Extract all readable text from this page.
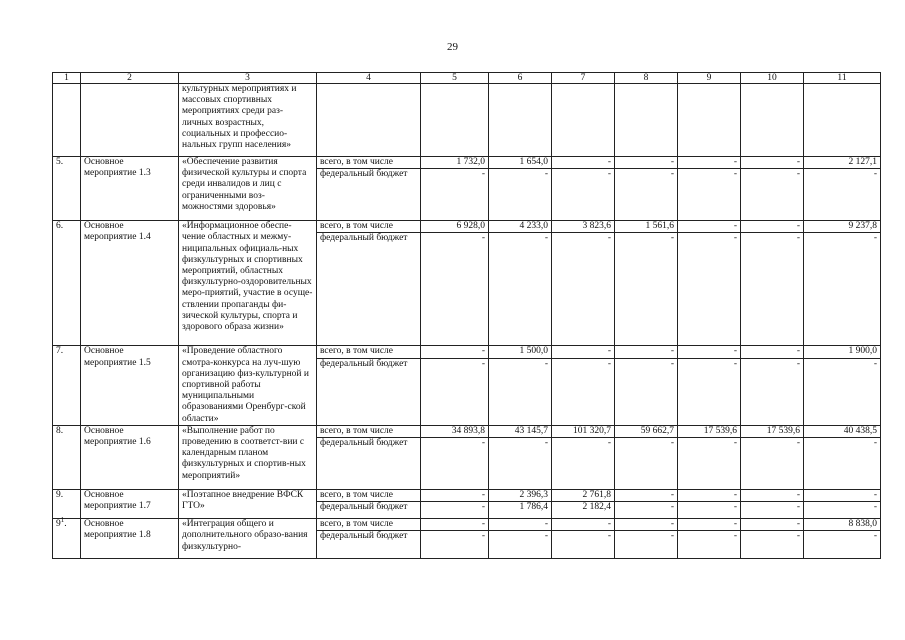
29
1	2	3	4	5	6	7	8	9	10	11
		культурных мероприятиях и массовых спортивных мероприятиях среди раз-личных возрастных, социальных и профессио-нальных групп населения»								
5.	Основное мероприятие 1.3	«Обеспечение развития физической культуры и спорта среди инвалидов и лиц с ограниченными воз-можностями здоровья»	всего, в том числе	1 732,0	1 654,0	-	-	-	-	2 127,1
			федеральный бюджет	-	-	-	-	-	-	-
6.	Основное мероприятие 1.4	«Информационное обеспе-чение областных и межму-ниципальных официаль-ных физкультурных и спортивных мероприятий, областных физкультурно-оздоровительных меро-приятий, участие в осуще-ствлении пропаганды фи-зической культуры, спорта и здорового образа жизни»	всего, в том числе	6 928,0	4 233,0	3 823,6	1 561,6	-	-	9 237,8
			федеральный бюджет	-	-	-	-	-	-	-
7.	Основное мероприятие 1.5	«Проведение областного смотра-конкурса на луч-шую организацию физ-культурной и спортивной работы муниципальными образованиями Оренбург-ской области»	всего, в том числе	-	1 500,0	-	-	-	-	1 900,0
			федеральный бюджет	-	-	-	-	-	-	-
8.	Основное мероприятие 1.6	«Выполнение работ по проведению в соответст-вии с календарным планом физкультурных и спортив-ных мероприятий»	всего, в том числе	34 893,8	43 145,7	101 320,7	59 662,7	17 539,6	17 539,6	40 438,5
			федеральный бюджет	-	-	-	-	-	-	-
9.	Основное мероприятие 1.7	«Поэтапное внедрение ВФСК ГТО»	всего, в том числе	-	2 396,3	2 761,8	-	-	-	-
			федеральный бюджет	-	1 786,4	2 182,4	-	-	-	-
$9^1$.	Основное мероприятие 1.8	«Интеграция общего и дополнительного образо-вания физкультурно-	всего, в том числе	-	-	-	-	-	-	8 838,0
			федеральный бюджет	-	-	-	-	-	-	-
